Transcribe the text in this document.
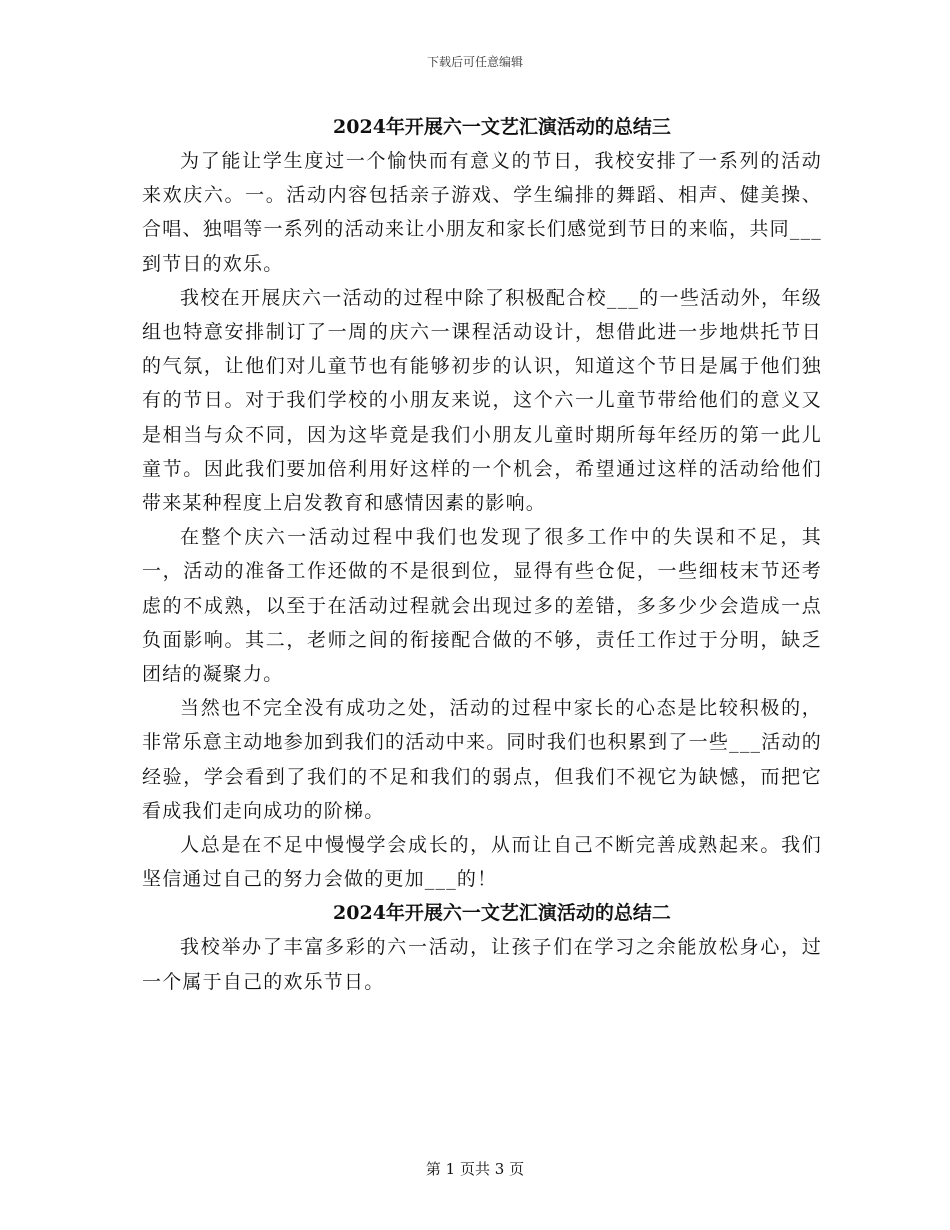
下载后可任意编辑
2024年开展六一文艺汇演活动的总结三

为了能让学生度过一个愉快而有意义的节日，我校安排了一系列的活动来欢庆六。一。活动内容包括亲子游戏、学生编排的舞蹈、相声、健美操、合唱、独唱等一系列的活动来让小朋友和家长们感觉到节日的来临，共同___到节日的欢乐。

我校在开展庆六一活动的过程中除了积极配合校___的一些活动外，年级组也特意安排制订了一周的庆六一课程活动设计，想借此进一步地烘托节日的气氛，让他们对儿童节也有能够初步的认识，知道这个节日是属于他们独有的节日。对于我们学校的小朋友来说，这个六一儿童节带给他们的意义又是相当与众不同，因为这毕竟是我们小朋友儿童时期所每年经历的第一此儿童节。因此我们要加倍利用好这样的一个机会，希望通过这样的活动给他们带来某种程度上启发教育和感情因素的影响。

在整个庆六一活动过程中我们也发现了很多工作中的失误和不足，其一，活动的准备工作还做的不是很到位，显得有些仓促，一些细枝末节还考虑的不成熟，以至于在活动过程就会出现过多的差错，多多少少会造成一点负面影响。其二，老师之间的衔接配合做的不够，责任工作过于分明，缺乏团结的凝聚力。

当然也不完全没有成功之处，活动的过程中家长的心态是比较积极的，非常乐意主动地参加到我们的活动中来。同时我们也积累到了一些___活动的经验，学会看到了我们的不足和我们的弱点，但我们不视它为缺憾，而把它看成我们走向成功的阶梯。

人总是在不足中慢慢学会成长的，从而让自己不断完善成熟起来。我们坚信通过自己的努力会做的更加___的！

2024年开展六一文艺汇演活动的总结二

我校举办了丰富多彩的六一活动，让孩子们在学习之余能放松身心，过一个属于自己的欢乐节日。

第 1 页共 3 页
